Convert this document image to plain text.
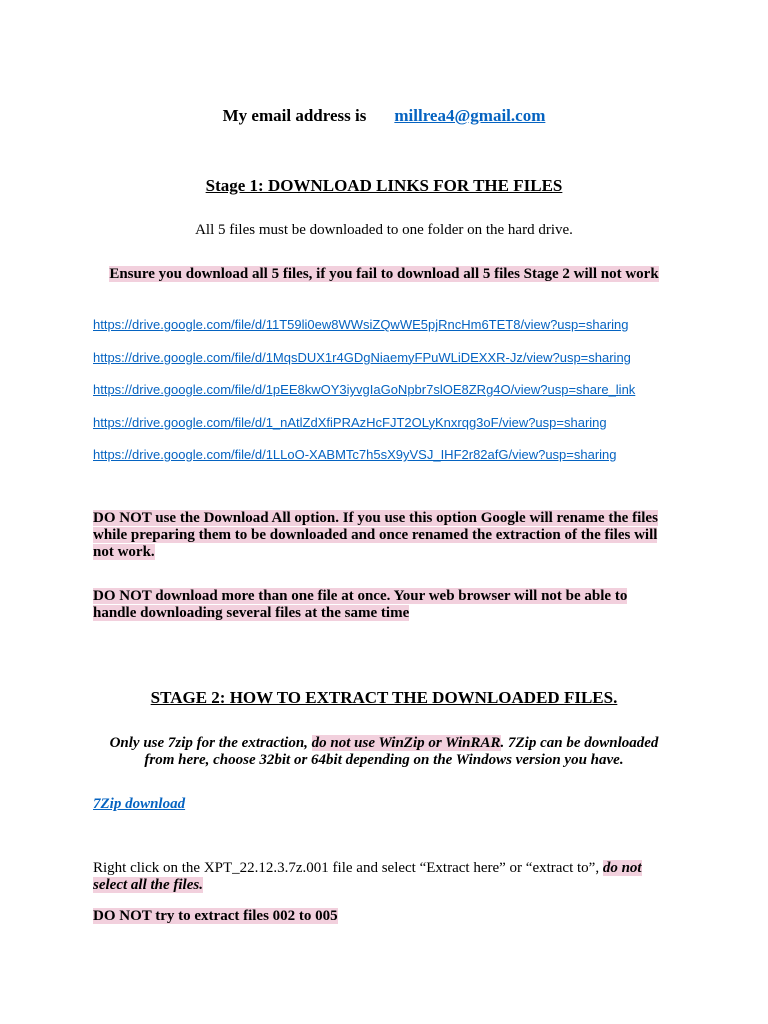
My email address is millrea4@gmail.com
Stage 1: DOWNLOAD LINKS FOR THE FILES
All 5 files must be downloaded to one folder on the hard drive.
Ensure you download all 5 files, if you fail to download all 5 files Stage 2 will not work
https://drive.google.com/file/d/11T59li0ew8WWsiZQwWE5pjRncHm6TET8/view?usp=sharing
https://drive.google.com/file/d/1MqsDUX1r4GDgNiaemyFPuWLiDEXXR-Jz/view?usp=sharing
https://drive.google.com/file/d/1pEE8kwOY3iyvgIaGoNpbr7slOE8ZRg4O/view?usp=share_link
https://drive.google.com/file/d/1_nAtlZdXfiPRAzHcFJT2OLyKnxrqg3oF/view?usp=sharing
https://drive.google.com/file/d/1LLoO-XABMTc7h5sX9yVSJ_IHF2r82afG/view?usp=sharing
DO NOT use the Download All option. If you use this option Google will rename the files while preparing them to be downloaded and once renamed the extraction of the files will not work.
DO NOT download more than one file at once. Your web browser will not be able to handle downloading several files at the same time
STAGE 2: HOW TO EXTRACT THE DOWNLOADED FILES.
Only use 7zip for the extraction, do not use WinZip or WinRAR. 7Zip can be downloaded from here, choose 32bit or 64bit depending on the Windows version you have.
7Zip download
Right click on the XPT_22.12.3.7z.001 file and select “Extract here” or “extract to”, do not select all the files.
DO NOT try to extract files 002 to 005
